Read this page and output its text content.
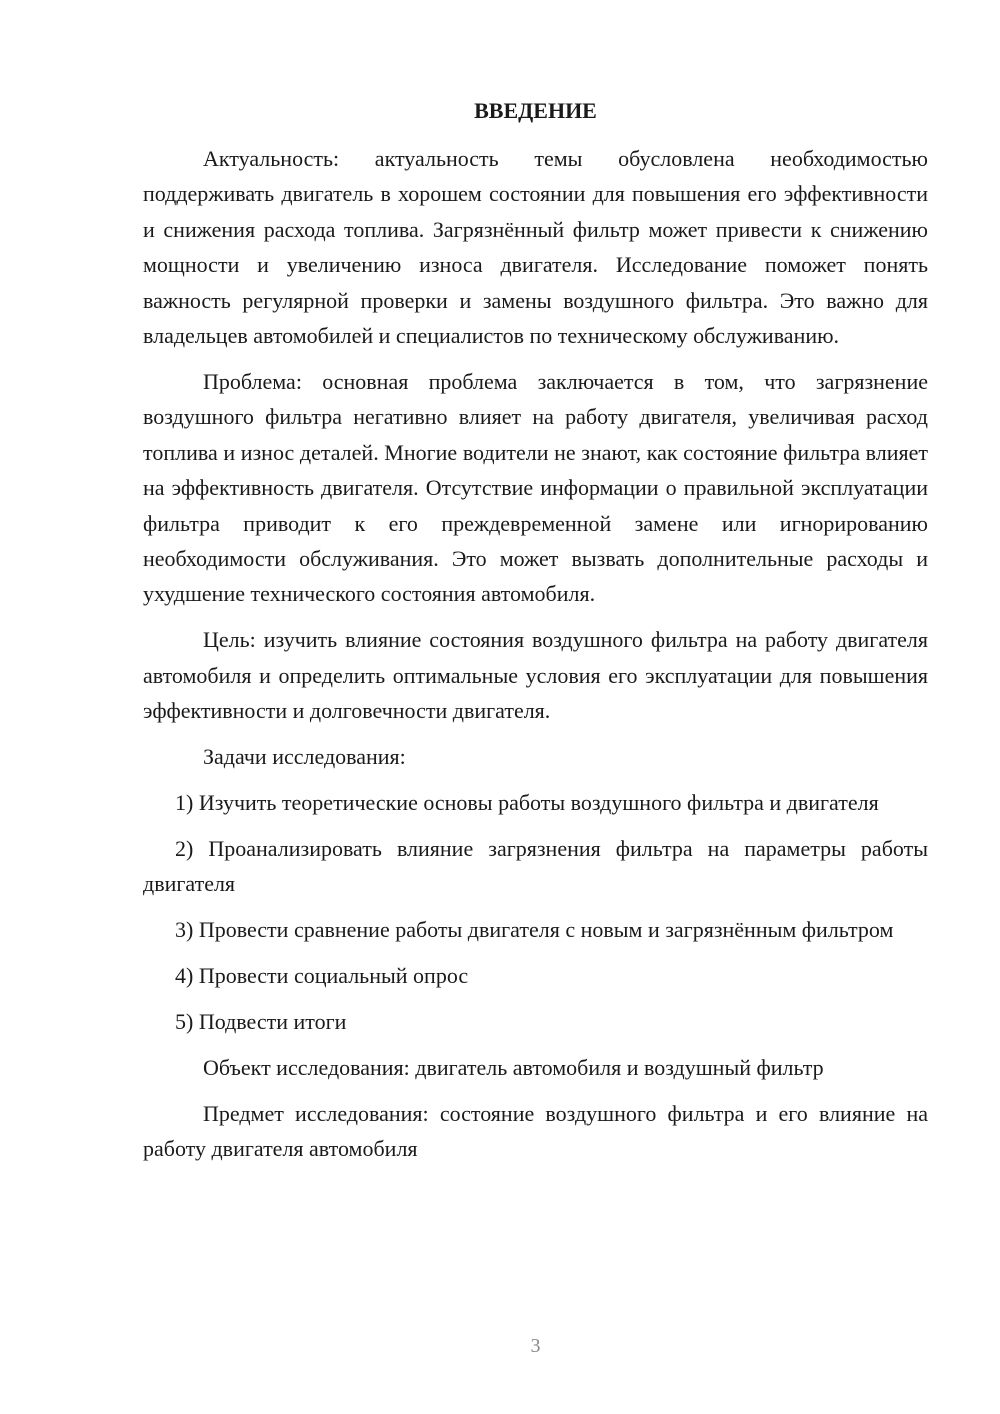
ВВЕДЕНИЕ

Актуальность: актуальность темы обусловлена необходимостью поддерживать двигатель в хорошем состоянии для повышения его эффективности и снижения расхода топлива. Загрязнённый фильтр может привести к снижению мощности и увеличению износа двигателя. Исследование поможет понять важность регулярной проверки и замены воздушного фильтра. Это важно для владельцев автомобилей и специалистов по техническому обслуживанию.

Проблема: основная проблема заключается в том, что загрязнение воздушного фильтра негативно влияет на работу двигателя, увеличивая расход топлива и износ деталей. Многие водители не знают, как состояние фильтра влияет на эффективность двигателя. Отсутствие информации о правильной эксплуатации фильтра приводит к его преждевременной замене или игнорированию необходимости обслуживания. Это может вызвать дополнительные расходы и ухудшение технического состояния автомобиля.

Цель: изучить влияние состояния воздушного фильтра на работу двигателя автомобиля и определить оптимальные условия его эксплуатации для повышения эффективности и долговечности двигателя.

Задачи исследования:

1) Изучить теоретические основы работы воздушного фильтра и двигателя

2) Проанализировать влияние загрязнения фильтра на параметры работы двигателя

3) Провести сравнение работы двигателя с новым и загрязнённым фильтром

4) Провести социальный опрос

5) Подвести итоги

Объект исследования: двигатель автомобиля и воздушный фильтр

Предмет исследования: состояние воздушного фильтра и его влияние на работу двигателя автомобиля

3
